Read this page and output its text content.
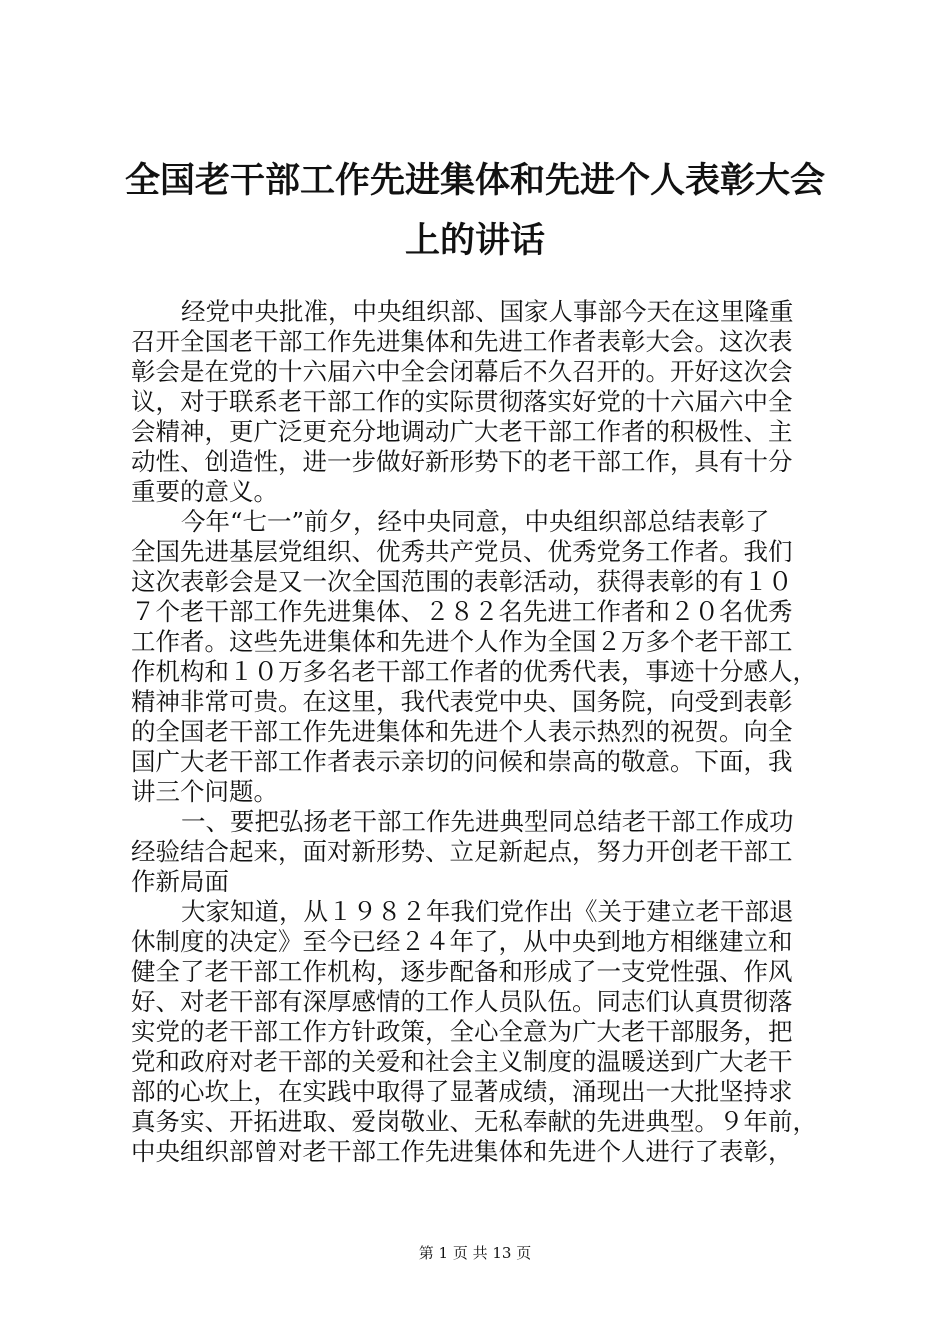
全国老干部工作先进集体和先进个人表彰大会
上的讲话
经党中央批准，中央组织部、国家人事部今天在这里隆重
召开全国老干部工作先进集体和先进工作者表彰大会。这次表
彰会是在党的十六届六中全会闭幕后不久召开的。开好这次会
议，对于联系老干部工作的实际贯彻落实好党的十六届六中全
会精神，更广泛更充分地调动广大老干部工作者的积极性、主
动性、创造性，进一步做好新形势下的老干部工作，具有十分
重要的意义。
今年“七一”前夕，经中央同意，中央组织部总结表彰了
全国先进基层党组织、优秀共产党员、优秀党务工作者。我们
这次表彰会是又一次全国范围的表彰活动，获得表彰的有１０
７个老干部工作先进集体、２８２名先进工作者和２０名优秀
工作者。这些先进集体和先进个人作为全国２万多个老干部工
作机构和１０万多名老干部工作者的优秀代表，事迹十分感人，
精神非常可贵。在这里，我代表党中央、国务院，向受到表彰
的全国老干部工作先进集体和先进个人表示热烈的祝贺。向全
国广大老干部工作者表示亲切的问候和崇高的敬意。下面，我
讲三个问题。
一、要把弘扬老干部工作先进典型同总结老干部工作成功
经验结合起来，面对新形势、立足新起点，努力开创老干部工
作新局面
大家知道，从１９８２年我们党作出《关于建立老干部退
休制度的决定》至今已经２４年了，从中央到地方相继建立和
健全了老干部工作机构，逐步配备和形成了一支党性强、作风
好、对老干部有深厚感情的工作人员队伍。同志们认真贯彻落
实党的老干部工作方针政策，全心全意为广大老干部服务，把
党和政府对老干部的关爱和社会主义制度的温暖送到广大老干
部的心坎上，在实践中取得了显著成绩，涌现出一大批坚持求
真务实、开拓进取、爱岗敬业、无私奉献的先进典型。９年前，
中央组织部曾对老干部工作先进集体和先进个人进行了表彰，
第 1 页 共 13 页
